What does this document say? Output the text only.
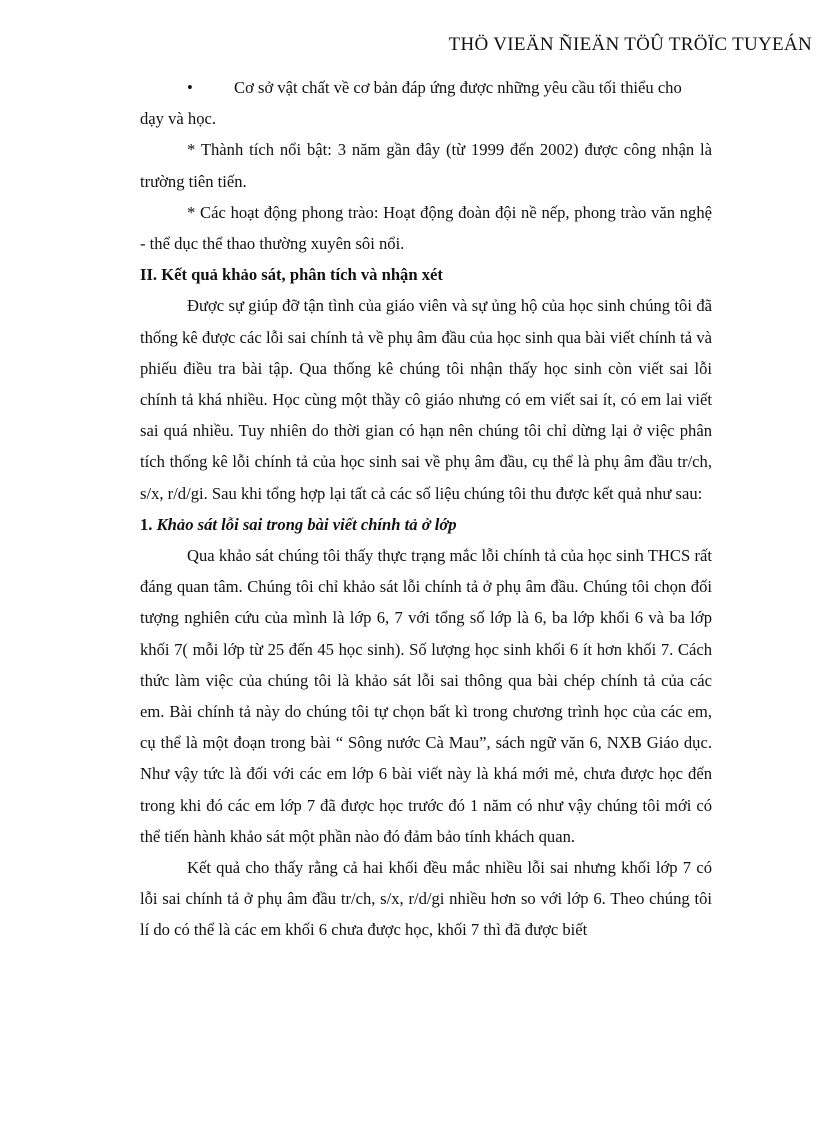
THÖ VIEÄN ÑIEÄN TÖÛ TRÖÏC TUYEÁN
•	Cơ sở vật chất về cơ bản đáp ứng được những yêu cầu tối thiểu cho

dạy và học.

* Thành tích nổi bật: 3 năm gần đây (từ 1999 đến 2002) được công nhận là trường tiên tiến.

* Các hoạt động phong trào: Hoạt động đoàn đội nề nếp, phong trào văn nghệ - thể dục thể thao thường xuyên sôi nổi.

II. Kết quả khảo sát, phân tích và nhận xét

Được sự giúp đỡ tận tình của giáo viên và sự ủng hộ của học sinh chúng tôi đã thống kê được các lỗi sai chính tả về phụ âm đầu của học sinh qua bài viết chính tả và phiếu điều tra bài tập. Qua thống kê chúng tôi nhận thấy học sinh còn viết sai lỗi chính tả khá nhiều. Học cùng một thầy cô giáo nhưng có em viết sai ít, có em lai viết sai quá nhiều. Tuy nhiên do thời gian có hạn nên chúng tôi chỉ dừng lại ở việc phân tích thống kê lỗi chính tả của học sinh sai về phụ âm đầu, cụ thể là phụ âm đầu tr/ch, s/x, r/d/gi. Sau khi tổng hợp lại tất cả các số liệu chúng tôi thu được kết quả như sau:

1. Khảo sát lỗi sai trong bài viết chính tả ở lớp

Qua khảo sát chúng tôi thấy thực trạng mắc lỗi chính tả của học sinh THCS rất đáng quan tâm. Chúng tôi chỉ khảo sát lỗi chính tả ở phụ âm đầu. Chúng tôi chọn đối tượng nghiên cứu của mình là lớp 6, 7 với tổng số lớp là 6, ba lớp khối 6 và ba lớp khối 7( mỗi lớp từ 25 đến 45 học sinh). Số lượng học sinh khối 6 ít hơn khối 7. Cách thức làm việc của chúng tôi là khảo sát lỗi sai thông qua bài chép chính tả của các em. Bài chính tả này do chúng tôi tự chọn bất kì trong chương trình học của các em, cụ thể là một đoạn trong bài “ Sông nước Cà Mau”, sách ngữ văn 6, NXB Giáo dục. Như vậy tức là đối với các em lớp 6 bài viết này là khá mới mẻ, chưa được học đến trong khi đó các em lớp 7 đã được học trước đó 1 năm có như vậy chúng tôi mới có thể tiến hành khảo sát một phần nào đó đảm bảo tính khách quan.

Kết quả cho thấy rằng cả hai khối đều mắc nhiều lỗi sai nhưng khối lớp 7 có lỗi sai chính tả ở phụ âm đầu tr/ch, s/x, r/d/gi nhiều hơn so với lớp 6. Theo chúng tôi lí do có thể là các em khối 6 chưa được học, khối 7 thì đã được biết
